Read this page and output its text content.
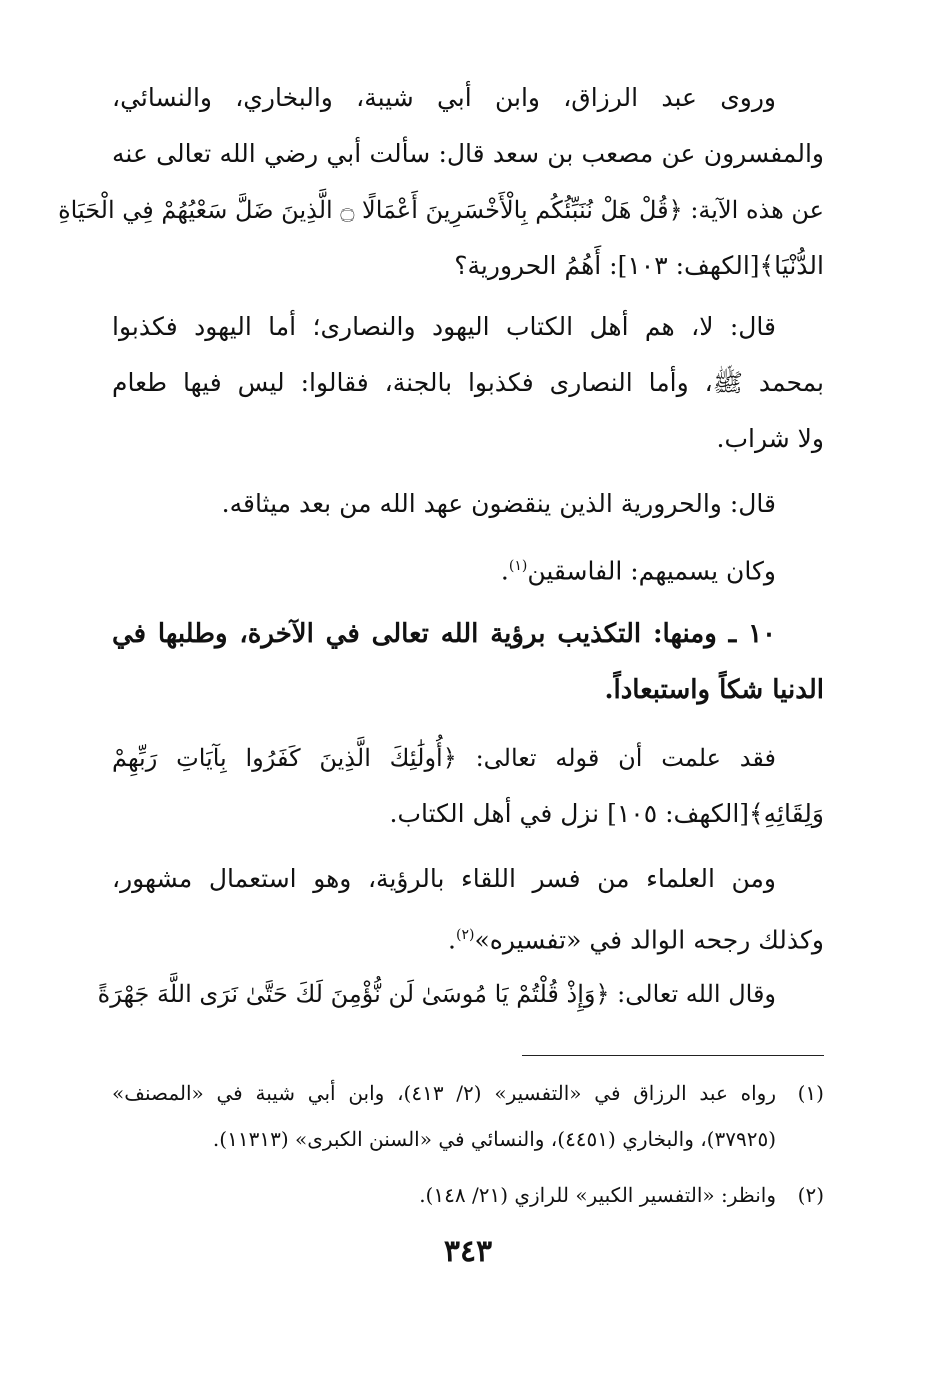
وروى عبد الرزاق، وابن أبي شيبة، والبخاري، والنسائي،
والمفسرون عن مصعب بن سعد قال: سألت أبي رضي الله تعالى عنه
عن هذه الآية: ﴿قُلْ هَلْ نُنَبِّئُكُم بِالْأَخْسَرِينَ أَعْمَالًا ۝ الَّذِينَ ضَلَّ سَعْيُهُمْ فِي الْحَيَاةِ
الدُّنْيَا﴾[الكهف: ١٠٣]: أَهُمُ الحرورية؟
قال: لا، هم أهل الكتاب اليهود والنصارى؛ أما اليهود فكذبوا
بمحمد ﷺ، وأما النصارى فكذبوا بالجنة، فقالوا: ليس فيها طعام
ولا شراب.
قال: والحرورية الذين ينقضون عهد الله من بعد ميثاقه.
وكان يسميهم: الفاسقين$^{(١)}$.
١٠ ـ ومنها: التكذيب برؤية الله تعالى في الآخرة، وطلبها في
الدنيا شكاً واستبعاداً.
فقد علمت أن قوله تعالى: ﴿أُولَٰئِكَ الَّذِينَ كَفَرُوا بِآيَاتِ رَبِّهِمْ
وَلِقَائِهِ﴾[الكهف: ١٠٥] نزل في أهل الكتاب.
ومن العلماء من فسر اللقاء بالرؤية، وهو استعمال مشهور،
وكذلك رجحه الوالد في «تفسيره»$^{(٢)}$.
وقال الله تعالى: ﴿وَإِذْ قُلْتُمْ يَا مُوسَىٰ لَن نُّؤْمِنَ لَكَ حَتَّىٰ نَرَى اللَّهَ جَهْرَةً
(١)رواه عبد الرزاق في «التفسير» (٢/ ٤١٣)، وابن أبي شيبة في «المصنف»
(٣٧٩٢٥)، والبخاري (٤٤٥١)، والنسائي في «السنن الكبرى» (١١٣١٣).
(٢)وانظر: «التفسير الكبير» للرازي (٢١/ ١٤٨).
٣٤٣
